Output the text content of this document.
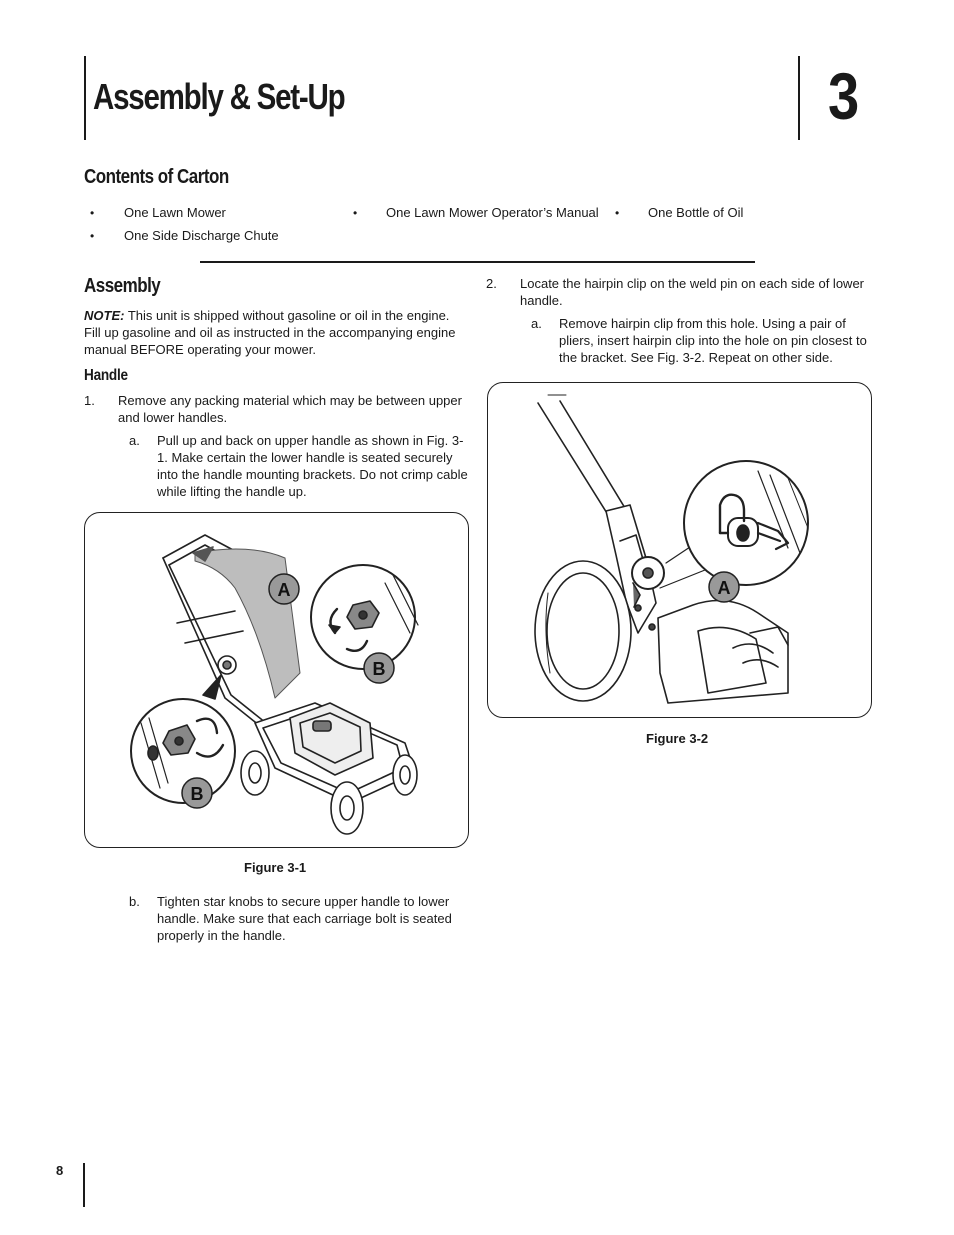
Assembly & Set-Up	3
Contents of Carton
• One Lawn Mower	• One Lawn Mower Operator’s Manual • One Bottle of Oil
• One Side Discharge Chute
Assembly
NOTE: This unit is shipped without gasoline or oil in the engine. Fill up gasoline and oil as instructed in the accompanying engine manual BEFORE operating your mower.
Handle
1. Remove any packing material which may be between upper and lower handles.
a. Pull up and back on upper handle as shown in Fig. 3-1. Make certain the lower handle is seated securely into the handle mounting brackets. Do not crimp cable while lifting the handle up.
A
B
B
Figure 3-1
b. Tighten star knobs to secure upper handle to lower handle. Make sure that each carriage bolt is seated properly in the handle.
2. Locate the hairpin clip on the weld pin on each side of lower handle.
a. Remove hairpin clip from this hole. Using a pair of pliers, insert hairpin clip into the hole on pin closest to the bracket. See Fig. 3-2. Repeat on other side.
A
Figure 3-2
8
